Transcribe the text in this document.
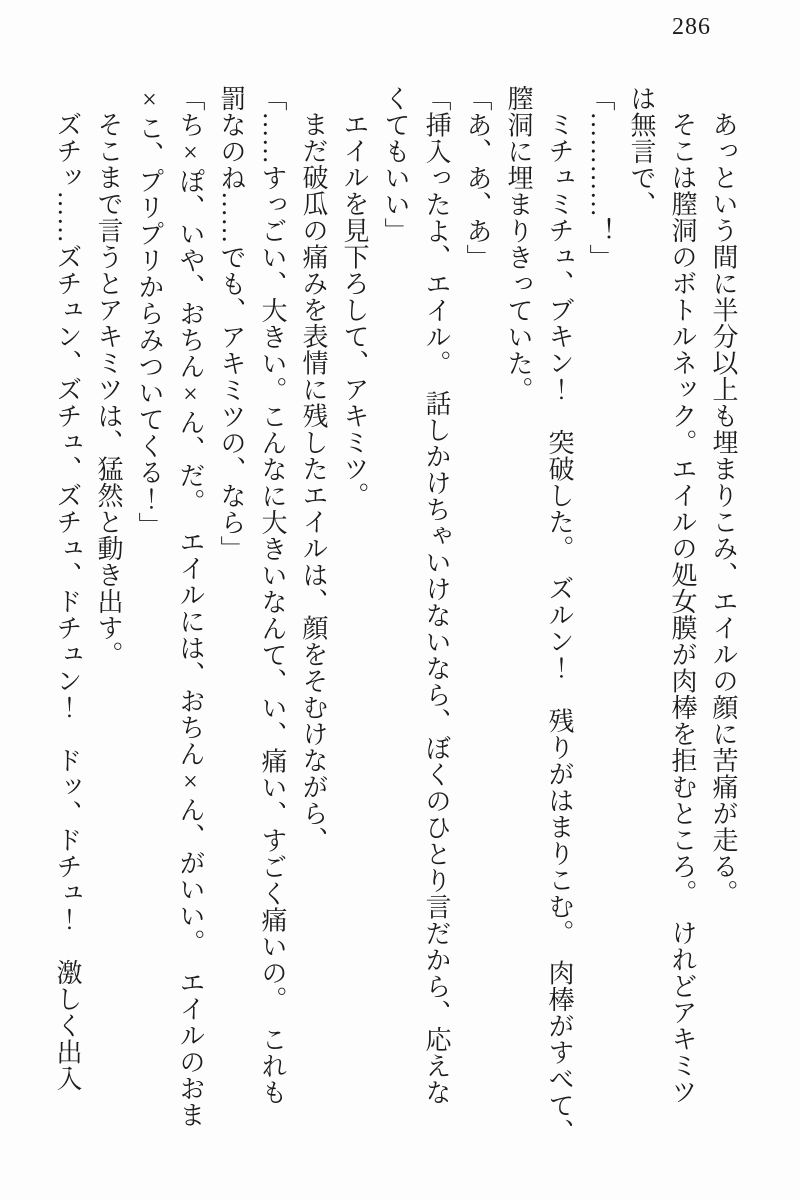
286

あっという間に半分以上も埋まりこみ、エイルの顔に苦痛が走る。

そこは膣洞のボトルネック。エイルの処女膜が肉棒を拒むところ。　けれどアキミツ

は無言で、

「…………！」

ミチュミチュ、ブキン！　突破した。　ズルン！　残りがはまりこむ。　肉棒がすべて、

膣洞に埋まりきっていた。

「あ、あ、あ」

「挿入ったよ、エイル。　話しかけちゃいけないなら、ぼくのひとり言だから、応えな

くてもいい」

エイルを見下ろして、アキミツ。

まだ破瓜の痛みを表情に残したエイルは、顔をそむけながら、

「……すっごい、大きい。こんなに大きいなんて、い、痛い、すごく痛いの。　これも

罰なのね……でも、アキミツの、なら」

「ち×ぽ、いや、おちん×ん、だ。　エイルには、おちん×ん、がいい。　エイルのおま

×こ、プリプリからみついてくる！」

そこまで言うとアキミツは、猛然と動き出す。

ズチッ……ズチュン、ズチュ、ズチュ、ドチュン！　ドッ、ドチュ！　激しく出入
